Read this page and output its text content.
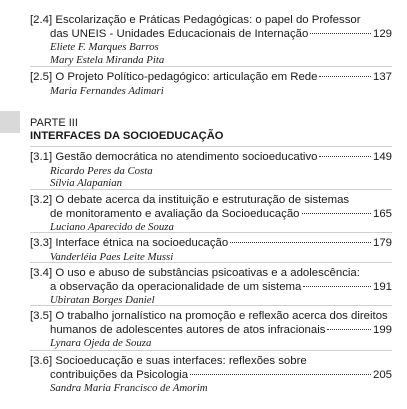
[2.4] Escolarização e Práticas Pedagógicas: o papel do Professor
das UNEIS - Unidades Educacionais de Internação	129
Eliete F. Marques Barros
Mary Estela Miranda Pita
[2.5] O Projeto Político-pedagógico: articulação em Rede	137
Maria Fernandes Adimari
PARTE III
INTERFACES DA SOCIOEDUCAÇÃO
[3.1] Gestão democrática no atendimento socioeducativo	149
Ricardo Peres da Costa
Sílvia Alapanian
[3.2] O debate acerca da instituição e estruturação de sistemas
de monitoramento e avaliação da Socioeducação	165
Luciano Aparecido de Souza
[3.3] Interface étnica na socioeducação	179
Vanderléia Paes Leite Mussi
[3.4] O uso e abuso de substâncias psicoativas e a adolescência:
a observação da operacionalidade de um sistema	191
Ubiratan Borges Daniel
[3.5] O trabalho jornalístico na promoção e reflexão acerca dos direitos
humanos de adolescentes autores de atos infracionais	199
Lynara Ojeda de Souza
[3.6] Socioeducação e suas interfaces: reflexões sobre
contribuições da Psicologia	205
Sandra Maria Francisco de Amorim
